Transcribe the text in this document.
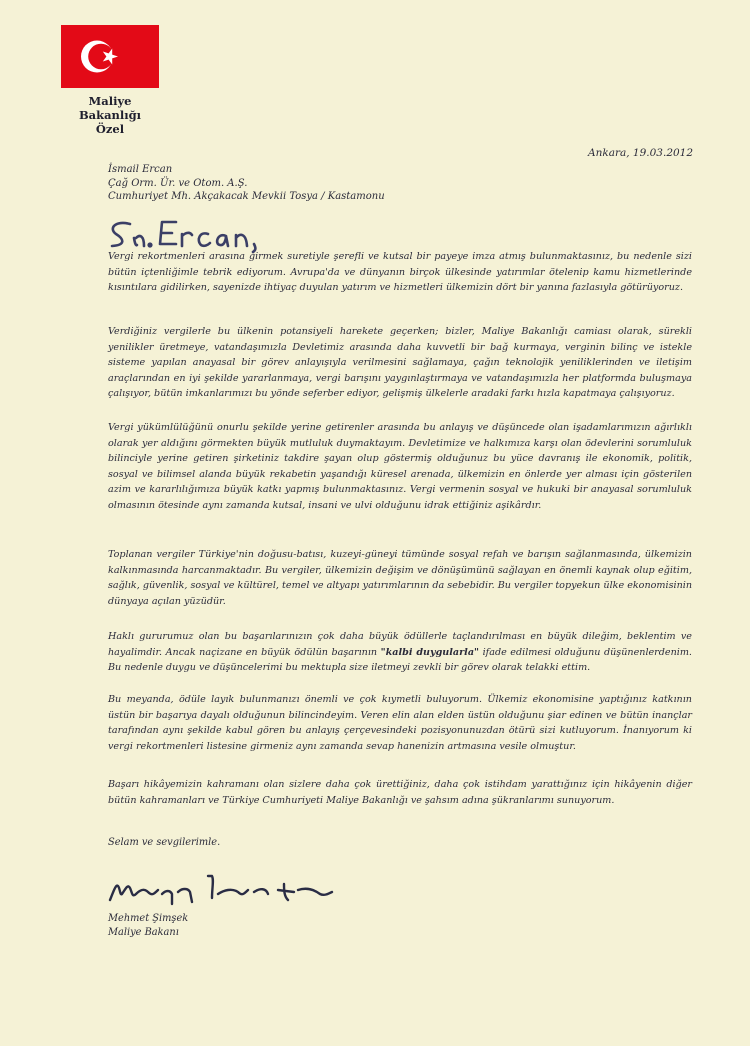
Maliye Bakanlığı
Özel
Ankara, 19.03.2012
İsmail Ercan
Çağ Orm. Ür. ve Otom. A.Ş.
Cumhuriyet Mh. Akçakacak Mevkii Tosya / Kastamonu
Vergi rekortmenleri arasına girmek suretiyle şerefli ve kutsal bir payeye imza atmış bulunmaktasınız, bu nedenle sizi bütün içtenliğimle tebrik ediyorum. Avrupa'da ve dünyanın birçok ülkesinde yatırımlar ötelenip kamu hizmetlerinde kısıntılara gidilirken, sayenizde ihtiyaç duyulan yatırım ve hizmetleri ülkemizin dört bir yanına fazlasıyla götürüyoruz.
Verdiğiniz vergilerle bu ülkenin potansiyeli harekete geçerken; bizler, Maliye Bakanlığı camiası olarak, sürekli yenilikler üretmeye, vatandaşımızla Devletimiz arasında daha kuvvetli bir bağ kurmaya, verginin bilinç ve istekle sisteme yapılan anayasal bir görev anlayışıyla verilmesini sağlamaya, çağın teknolojik yeniliklerinden ve iletişim araçlarından en iyi şekilde yararlanmaya, vergi barışını yaygınlaştırmaya ve vatandaşımızla her platformda buluşmaya çalışıyor, bütün imkanlarımızı bu yönde seferber ediyor, gelişmiş ülkelerle aradaki farkı hızla kapatmaya çalışıyoruz.
Vergi yükümlülüğünü onurlu şekilde yerine getirenler arasında bu anlayış ve düşüncede olan işadamlarımızın ağırlıklı olarak yer aldığını görmekten büyük mutluluk duymaktayım. Devletimize ve halkımıza karşı olan ödevlerini sorumluluk bilinciyle yerine getiren şirketiniz takdire şayan olup göstermiş olduğunuz bu yüce davranış ile ekonomik, politik, sosyal ve bilimsel alanda büyük rekabetin yaşandığı küresel arenada, ülkemizin en önlerde yer alması için gösterilen azim ve kararlılığımıza büyük katkı yapmış bulunmaktasınız. Vergi vermenin sosyal ve hukuki bir anayasal sorumluluk olmasının ötesinde aynı zamanda kutsal, insani ve ulvi olduğunu idrak ettiğiniz aşikârdır.
Toplanan vergiler Türkiye'nin doğusu-batısı, kuzeyi-güneyi tümünde sosyal refah ve barışın sağlanmasında, ülkemizin kalkınmasında harcanmaktadır. Bu vergiler, ülkemizin değişim ve dönüşümünü sağlayan en önemli kaynak olup eğitim, sağlık, güvenlik, sosyal ve kültürel, temel ve altyapı yatırımlarının da sebebidir. Bu vergiler topyekun ülke ekonomisinin dünyaya açılan yüzüdür.
Haklı gururumuz olan bu başarılarınızın çok daha büyük ödüllerle taçlandırılması en büyük dileğim, beklentim ve hayalimdir. Ancak naçizane en büyük ödülün başarının "kalbi duygularla" ifade edilmesi olduğunu düşünenlerdenim. Bu nedenle duygu ve düşüncelerimi bu mektupla size iletmeyi zevkli bir görev olarak telakki ettim.
Bu meyanda, ödüle layık bulunmanızı önemli ve çok kıymetli buluyorum. Ülkemiz ekonomisine yaptığınız katkının üstün bir başarıya dayalı olduğunun bilincindeyim. Veren elin alan elden üstün olduğunu şiar edinen ve bütün inançlar tarafından aynı şekilde kabul gören bu anlayış çerçevesindeki pozisyonunuzdan ötürü sizi kutluyorum. İnanıyorum ki vergi rekortmenleri listesine girmeniz aynı zamanda sevap hanenizin artmasına vesile olmuştur.
Başarı hikâyemizin kahramanı olan sizlere daha çok ürettiğiniz, daha çok istihdam yarattığınız için hikâyenin diğer bütün kahramanları ve Türkiye Cumhuriyeti Maliye Bakanlığı ve şahsım adına şükranlarımı sunuyorum.
Selam ve sevgilerimle.
Mehmet Şimşek
Maliye Bakanı
